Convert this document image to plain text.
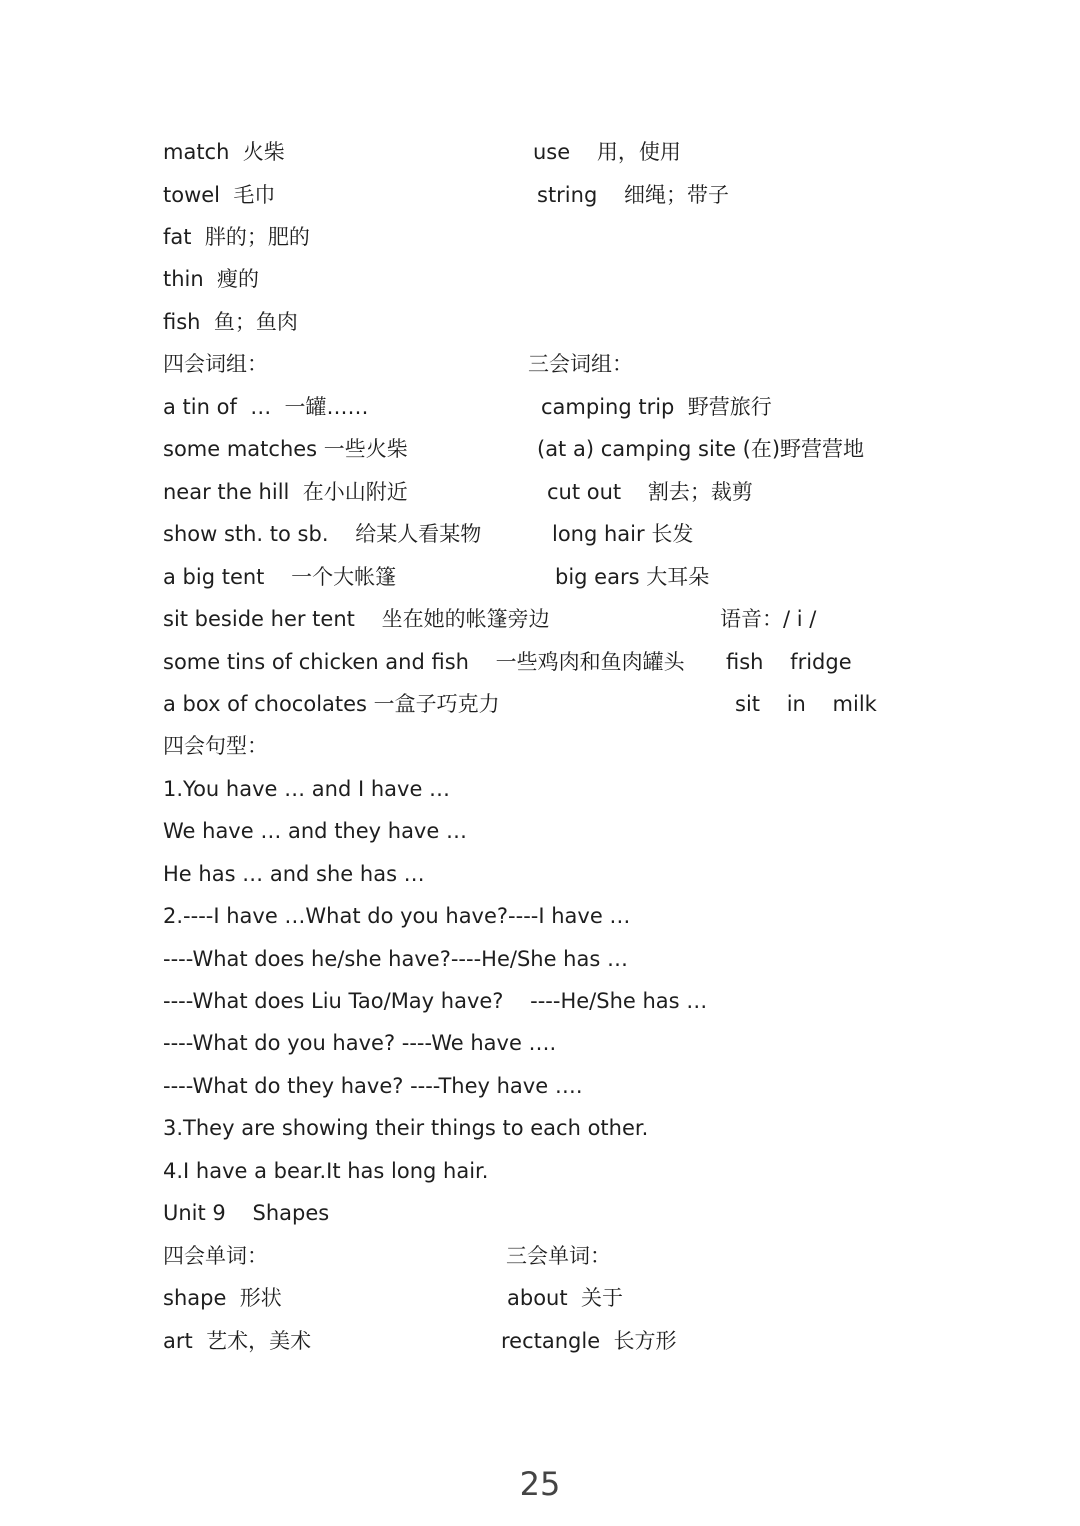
match  火柴	use    用，使用
towel  毛巾	string    细绳；带子
fat  胖的；肥的
thin  瘦的
fish  鱼；鱼肉
四会词组：	三会词组：
a tin of  …  一罐……	camping trip  野营旅行
some matches 一些火柴	(at a) camping site (在)野营营地
near the hill  在小山附近	cut out    割去；裁剪
show sth. to sb.    给某人看某物	long hair 长发
a big tent    一个大帐篷	big ears 大耳朵
sit beside her tent    坐在她的帐篷旁边	语音：/ i /
some tins of chicken and fish    一些鸡肉和鱼肉罐头 fish    fridge
a box of chocolates 一盒子巧克力	sit    in    milk
四会句型：
1.You have … and I have …
We have … and they have …
He has … and she has …
2.----I have …What do you have?----I have …
----What does he/she have?----He/She has …
----What does Liu Tao/May have?    ----He/She has …
----What do you have? ----We have ….
----What do they have? ----They have ….
3.They are showing their things to each other.
4.I have a bear.It has long hair.
Unit 9    Shapes
四会单词：	三会单词：
shape  形状	about  关于
art  艺术，美术	rectangle  长方形
25
